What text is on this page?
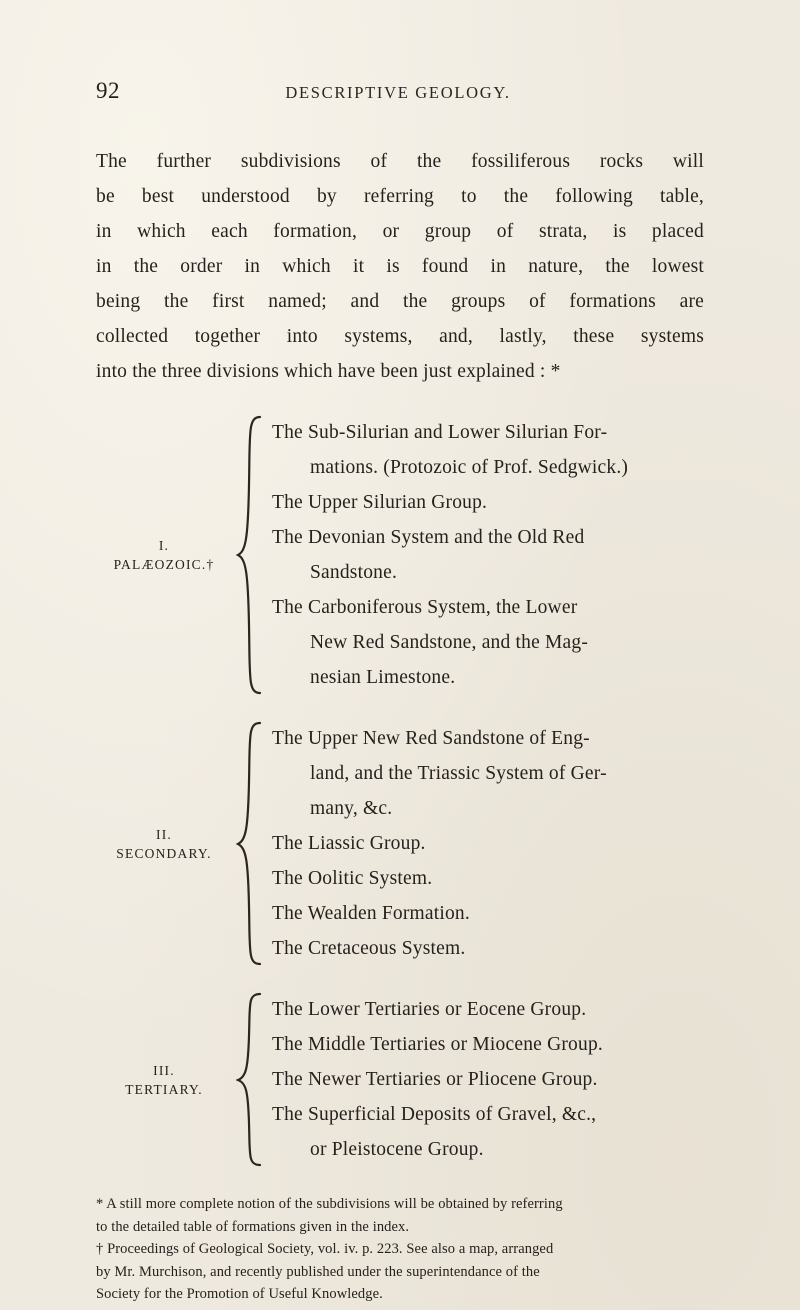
92	DESCRIPTIVE GEOLOGY.
The further subdivisions of the fossiliferous rocks will
be best understood by referring to the following table,
in which each formation, or group of strata, is placed
in the order in which it is found in nature, the lowest
being the first named; and the groups of formations are
collected together into systems, and, lastly, these systems
into the three divisions which have been just explained : *
I.
PALÆOZOIC.†
The Sub-Silurian and Lower Silurian For-
mations. (Protozoic of Prof. Sedgwick.)
The Upper Silurian Group.
The Devonian System and the Old Red
Sandstone.
The Carboniferous System, the Lower
New Red Sandstone, and the Mag-
nesian Limestone.
II.
SECONDARY.
The Upper New Red Sandstone of Eng-
land, and the Triassic System of Ger-
many, &c.
The Liassic Group.
The Oolitic System.
The Wealden Formation.
The Cretaceous System.
III.
TERTIARY.
The Lower Tertiaries or Eocene Group.
The Middle Tertiaries or Miocene Group.
The Newer Tertiaries or Pliocene Group.
The Superficial Deposits of Gravel, &c.,
or Pleistocene Group.
* A still more complete notion of the subdivisions will be obtained by referring
to the detailed table of formations given in the index.
† Proceedings of Geological Society, vol. iv. p. 223. See also a map, arranged
by Mr. Murchison, and recently published under the superintendance of the
Society for the Promotion of Useful Knowledge.
